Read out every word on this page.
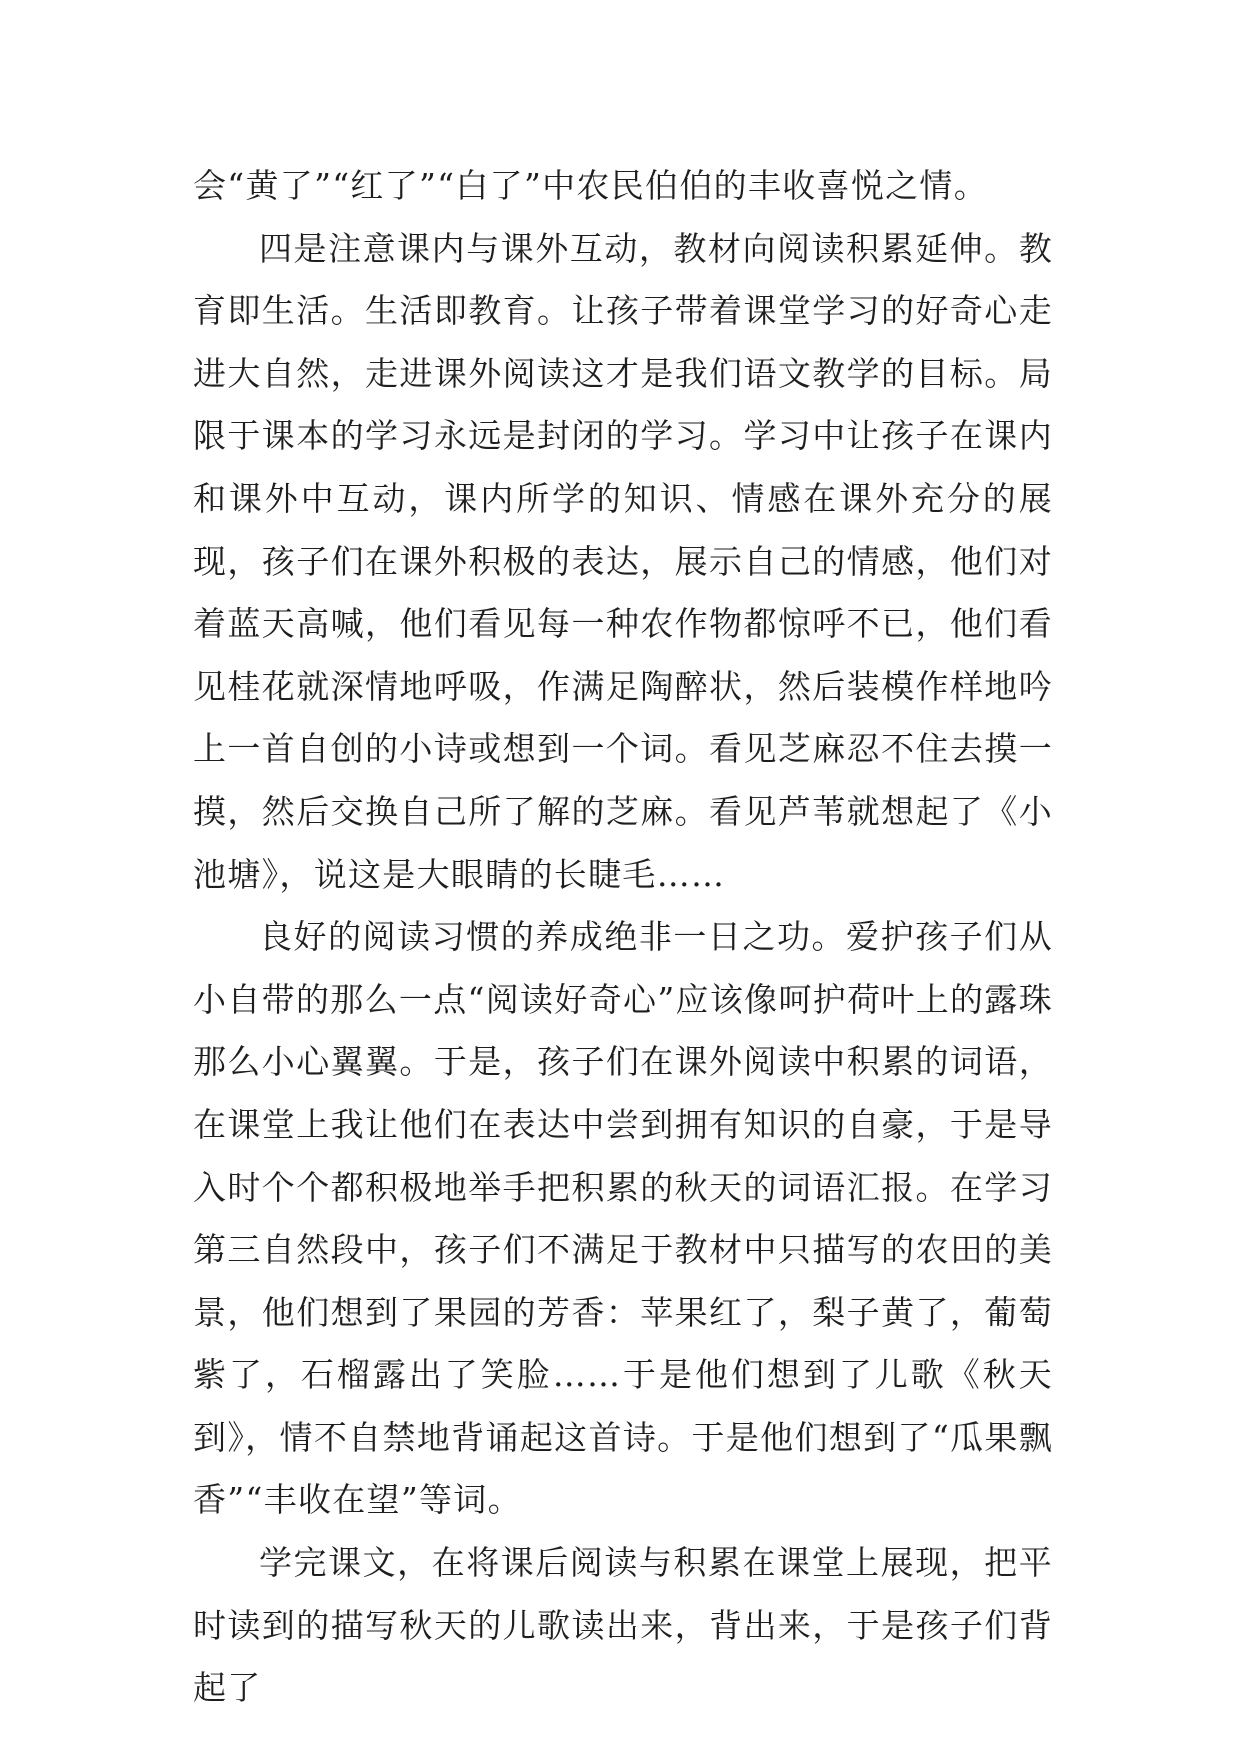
会“黄了”“红了”“白了”中农民伯伯的丰收喜悦之情。

四是注意课内与课外互动，教材向阅读积累延伸。教育即生活。生活即教育。让孩子带着课堂学习的好奇心走进大自然，走进课外阅读这才是我们语文教学的目标。局限于课本的学习永远是封闭的学习。学习中让孩子在课内和课外中互动，课内所学的知识、情感在课外充分的展现，孩子们在课外积极的表达，展示自己的情感，他们对着蓝天高喊，他们看见每一种农作物都惊呼不已，他们看见桂花就深情地呼吸，作满足陶醉状，然后装模作样地吟上一首自创的小诗或想到一个词。看见芝麻忍不住去摸一摸，然后交换自己所了解的芝麻。看见芦苇就想起了《小池塘》，说这是大眼睛的长睫毛……

良好的阅读习惯的养成绝非一日之功。爱护孩子们从小自带的那么一点“阅读好奇心”应该像呵护荷叶上的露珠那么小心翼翼。于是，孩子们在课外阅读中积累的词语，在课堂上我让他们在表达中尝到拥有知识的自豪，于是导入时个个都积极地举手把积累的秋天的词语汇报。在学习第三自然段中，孩子们不满足于教材中只描写的农田的美景，他们想到了果园的芳香：苹果红了，梨子黄了，葡萄紫了，石榴露出了笑脸……于是他们想到了儿歌《秋天到》，情不自禁地背诵起这首诗。于是他们想到了“瓜果飘香”“丰收在望”等词。

学完课文，在将课后阅读与积累在课堂上展现，把平时读到的描写秋天的儿歌读出来，背出来，于是孩子们背起了
